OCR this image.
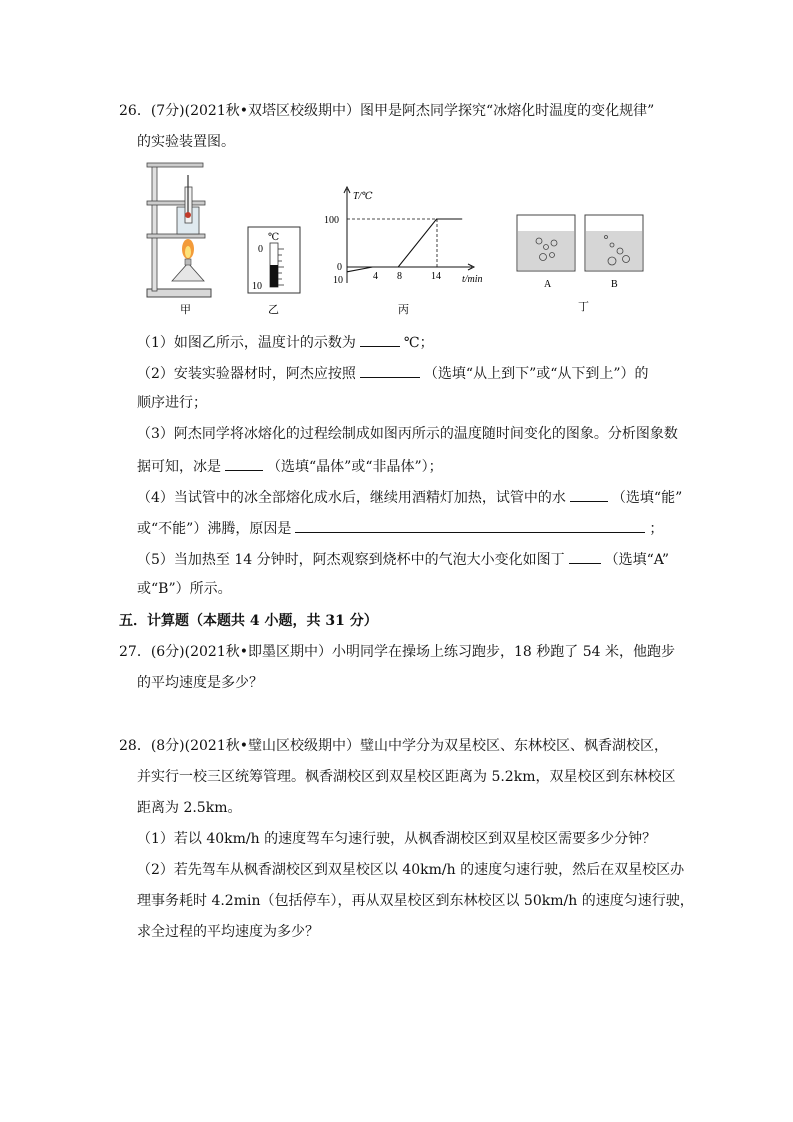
26．(7分)(2021秋•双塔区校级期中）图甲是阿杰同学探究“冰熔化时温度的变化规律”
的实验装置图。
甲
℃
0
10
乙
T/℃
t/min
100
0
10	4 8	14
丙
A	B
丁
（1）如图乙所示，温度计的示数为	℃；
（2）安装实验器材时，阿杰应按照	（选填“从上到下”或“从下到上”）的
顺序进行；
（3）阿杰同学将冰熔化的过程绘制成如图丙所示的温度随时间变化的图象。分析图象数
据可知，冰是	（选填“晶体”或“非晶体”）；
（4）当试管中的冰全部熔化成水后，继续用酒精灯加热，试管中的水	（选填“能”
或“不能”）沸腾，原因是	；
（5）当加热至 14 分钟时，阿杰观察到烧杯中的气泡大小变化如图丁	（选填“A”
或“B”）所示。
五．计算题（本题共 4 小题，共 31 分）
27．(6分)(2021秋•即墨区期中）小明同学在操场上练习跑步，18 秒跑了 54 米，他跑步
的平均速度是多少？
28．(8分)(2021秋•璧山区校级期中）璧山中学分为双星校区、东林校区、枫香湖校区，
并实行一校三区统筹管理。枫香湖校区到双星校区距离为 5.2km，双星校区到东林校区
距离为 2.5km。
（1）若以 40km/h 的速度驾车匀速行驶，从枫香湖校区到双星校区需要多少分钟？
（2）若先驾车从枫香湖校区到双星校区以 40km/h 的速度匀速行驶，然后在双星校区办
理事务耗时 4.2min（包括停车），再从双星校区到东林校区以 50km/h 的速度匀速行驶，
求全过程的平均速度为多少？
